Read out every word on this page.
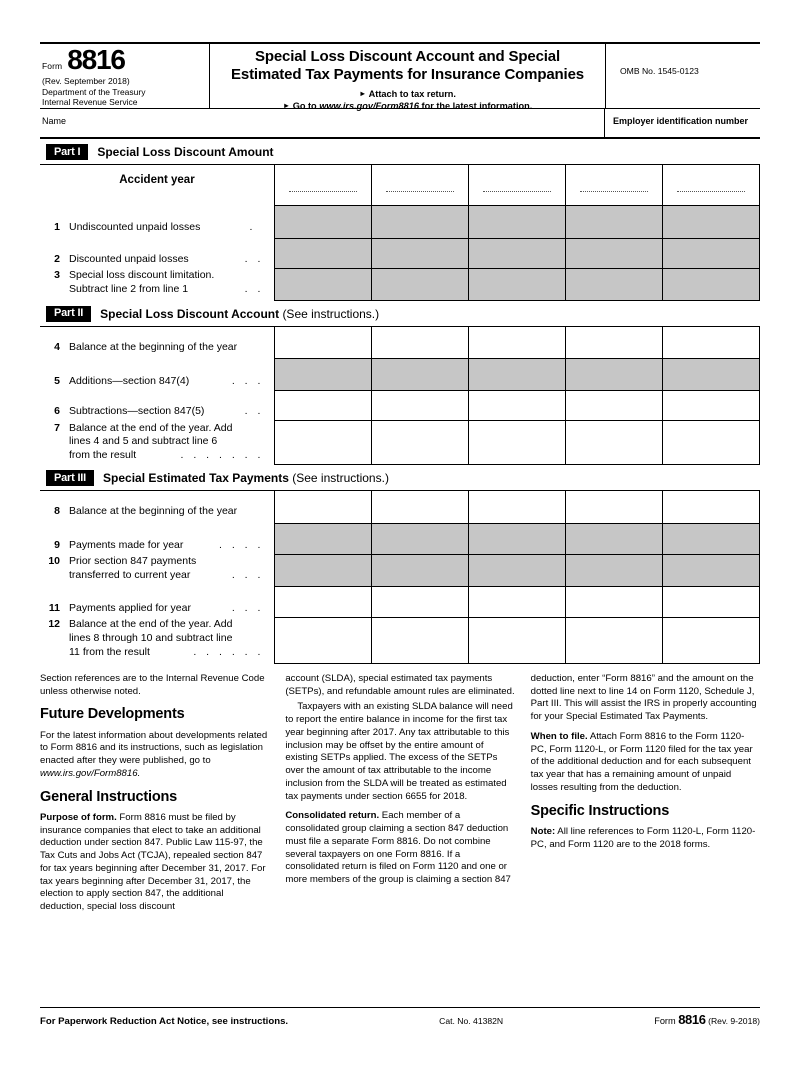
Form 8816
(Rev. September 2018)
Department of the Treasury
Internal Revenue Service
Special Loss Discount Account and Special
Estimated Tax Payments for Insurance Companies
► Attach to tax return.
► Go to www.irs.gov/Form8816 for the latest information.
OMB No. 1545-0123
Name	Employer identification number
Part I	Special Loss Discount Amount
Accident year					

1 Undiscounted unpaid losses .					

2 Discounted unpaid losses . .					

3 Special loss discount limitation.
Subtract line 2 from line 1 . .					

Part II	Special Loss Discount Account (See instructions.)
4 Balance at the beginning of the year					

5 Additions—section 847(4) . . .					

6 Subtractions—section 847(5) . .					

7 Balance at the end of the year. Add
lines 4 and 5 and subtract line 6
from the result . . . . . . .					

Part III	Special Estimated Tax Payments (See instructions.)
8 Balance at the beginning of the year					

9 Payments made for year . . . .					

10 Prior section 847 payments
transferred to current year . . .					

11 Payments applied for year . . .					

12 Balance at the end of the year. Add
lines 8 through 10 and subtract line
11 from the result . . . . . .					

Section references are to the Internal Revenue Code unless otherwise noted.

Future Developments

For the latest information about developments related to Form 8816 and its instructions, such as legislation enacted after they were published, go to www.irs.gov/Form8816.

General Instructions

Purpose of form. Form 8816 must be filed by insurance companies that elect to take an additional deduction under section 847. Public Law 115-97, the Tax Cuts and Jobs Act (TCJA), repealed section 847 for tax years beginning after December 31, 2017. For tax years beginning after December 31, 2017, the election to apply section 847, the additional deduction, special loss discount

account (SLDA), special estimated tax payments (SETPs), and refundable amount rules are eliminated.

Taxpayers with an existing SLDA balance will need to report the entire balance in income for the first tax year beginning after 2017. Any tax attributable to this inclusion may be offset by the entire amount of existing SETPs applied. The excess of the SETPs over the amount of tax attributable to the income inclusion from the SLDA will be treated as estimated tax payments under section 6655 for 2018.

Consolidated return. Each member of a consolidated group claiming a section 847 deduction must file a separate Form 8816. Do not combine several taxpayers on one Form 8816. If a consolidated return is filed on Form 1120 and one or more members of the group is claiming a section 847

deduction, enter “Form 8816” and the amount on the dotted line next to line 14 on Form 1120, Schedule J, Part III. This will assist the IRS in properly accounting for your Special Estimated Tax Payments.

When to file. Attach Form 8816 to the Form 1120-PC, Form 1120-L, or Form 1120 filed for the tax year of the additional deduction and for each subsequent tax year that has a remaining amount of unpaid losses resulting from the deduction.

Specific Instructions

Note: All line references to Form 1120-L, Form 1120-PC, and Form 1120 are to the 2018 forms.

For Paperwork Reduction Act Notice, see instructions.	Cat. No. 41382N	Form 8816 (Rev. 9-2018)
